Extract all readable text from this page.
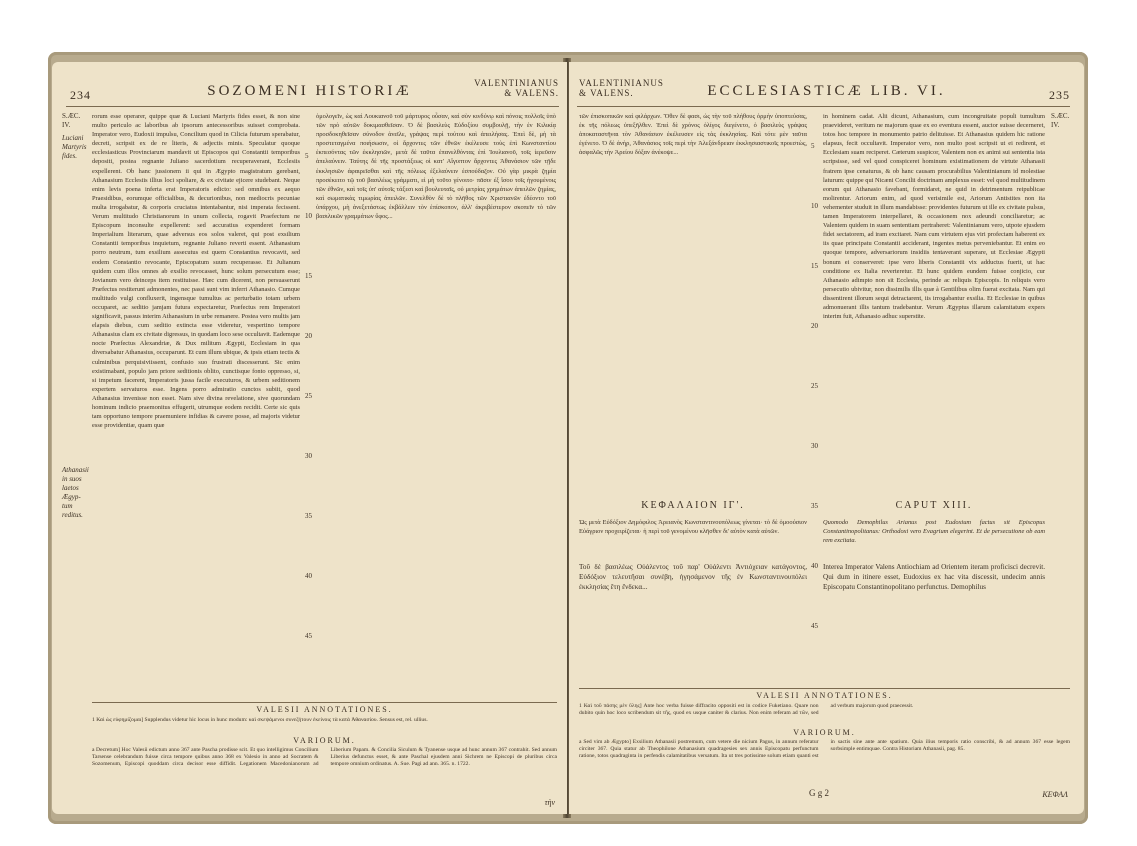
234	SOZOMENI HISTORIÆ	VALENTINIANUS
& VALENS.
S.ÆC.
IV.
Luciani
Martyris
fides.
Athanasii
in suos
laetos
Ægyp-
tum
reditus.
rorum esse operarer, quippe quæ & Luciani Martyris fides esset, & non sine multo periculo ac laboribus ab ipsorum antecessoribus suisset comprobata. Imperator vero, Eudoxii impulsu, Concilium quod in Cilicia futurum sperabatur, decreti, scripsit ex de re literis, & adjectis minis. Speculatur quoque ecclesiasticus Provinciarum mandavit ut Episcopos qui Constantii temporibus depositi, postea regnante Juliano sacerdotium recuperaverant, Ecclesiis expellerent. Ob hanc jussionem ii qui in Ægypto magistratum gerebant, Athanasium Ecclesiis illius loci spoliare, & ex civitate ejicere studebant. Neque enim levis poena inferta erat Imperatoris edicto: sed omnibus ex aequo Praesidibus, eorumque officialibus, & decurionibus, non mediocris pecuniae multa irrogabatur, & corporis cruciatus intentabantur, nisi imperata fecissent. Verum multitudo Christianorum in unum collecta, rogavit Praefectum ne Episcopum inconsulte expellerent: sed accuratius expenderet formam Imperialium literarum, quae adversus eos solos valeret, qui post exsilium Constantii temporibus inquietum, regnante Juliano reverti essent. Athanasium porro neutrum, tum exsilium assecutus est quem Constantius revocavit, sed eodem Constantio revocante, Episcopatum suum recuperasse. Et Julianum quidem cum illos omnes ab exsilio revocasset, hunc solum persecutum esse; Jovianum vero deinceps item restituisse. Hæc cum dicerent, non persuaserunt Præfectus restiterunt admonentes, nec passi sunt vim inferri Athanasio. Cumque multitudo vulgi confluxerit, ingensque tumultus ac perturbatio totam urbem occuparet, ac seditio jamjam futura expectaretur, Præfectus rem Imperatori significavit, passus interim Athanasium in urbe remanere. Postea vero multis jam elapsis diebus, cum seditio extincta esse videretur, vespertino tempore Athanasius clam ex civitate digressus, in quodam loco sese occultavit. Eademque nocte Præfectus Alexandriæ, & Dux militum Ægypti, Ecclesiam in qua diversabatur Athanasius, occuparunt. Et cum illum ubique, & ipsis etiam tectis & culminibus perquisiviissent, confusio suo frustrati discesserunt. Sic enim existimabant, populo jam priore seditionis oblito, cunctisque fonto oppresso, si, si impetum facerent, Imperatoris jussa facile executuros, & urbem seditionem expertem servaturos esse. Ingens porro admiratio cunctos subiit, quod Athanasius invenisse non esset. Nam sive divina revelatione, sive quorundam hominum indicio praemonitus effugerit, utrumque eodem recidit. Certe sic quis tam opportuno tempore praemuniere infidias & cavere posse, ad majoris videtur esse providentiæ, quam quæ
5
10
15
20
25
30
35
40
45
ὁμολογεῖν, ὡς καὶ Λουκιανοῦ τοῦ μάρτυρος οὖσαν, καὶ σὺν κινδύνῳ καὶ πόνοις πολλοῖς ὑπὸ τῶν πρὸ αὐτῶν δοκιμασθεῖσαν. Ὁ δὲ βασιλεὺς Εὐδοξίου συμβουλῇ, τὴν ἐν Κιλικίᾳ προσδοκηθεῖσαν σύνοδον ἀνεῖλε, γράψας περὶ τούτου καὶ ἀπειλήσας. Ἐπεὶ δὲ, μὴ τὰ προστεταγμένα ποιήσωσιν, οἱ ἄρχοντες τῶν ἐθνῶν ἐκέλευσε τοὺς ἐπὶ Κωνσταντίου ἐκπεσόντας τῶν ἐκκλησιῶν, μετὰ δὲ ταῦτα ἐπανελθόντας ἐπὶ Ἰουλιανοῦ, τοῖς ἱερεῦσιν ἀπελαύνειν. Ταύτης δὲ τῆς προστάξεως οἱ κατ' Αἴγυπτον ἄρχοντες Ἀθανάσιον τῶν τῇδε ἐκκλησιῶν ἀφαιρεῖσθαι καὶ τῆς πόλεως ἐξελαύνειν ἐσπούδαζον. Οὐ γὰρ μικρὰ ζημία προσέκειτο τῷ τοῦ βασιλέως γράμματι, εἰ μὴ τοῦτο γένοιτο· πᾶσιν ἐξ ἴσου τοῖς ἡγουμένοις τῶν ἐθνῶν, καὶ τοῖς ὑπ' αὐτοῖς τάξεσι καὶ βουλευταῖς, οὐ μετρίας χρημάτων ἀπειλῶν ζημίας, καὶ σωματικὰς τιμωρίας ἀπειλῶν. Συνελθὸν δὲ τὸ πλῆθος τῶν Χριστιανῶν ἐδέοντο τοῦ ὑπάρχου, μὴ ἀνεξετάστως ἐκβάλλειν τὸν ἐπίσκοπον, ἀλλ' ἀκριβέστερον σκοπεῖν τὸ τῶν βασιλικῶν γραμμάτων ὕφος...
VALESII ANNOTATIONES.
1 Καὶ ὡς εὐφημίζομαι] Supplendus videtur hic locus in hunc modum: καὶ σκεψάμενοι συνεζήτουν ἐκείνοις τὰ κατὰ Ἀθανασίου. Sensus est, rel. ullius.
VARIORUM.
a Decretum] Hoc Valesii edictum anno 367 ante Pascha prodisse scit. Et quo intelligimus Concilium Tarsense celebrandum fuisse circa tempore quibus anno 368 ex Valesio in anno ad Socratem & Sozomenum, Episcopi quoddam circa decisor esse diffidit. Legationem Macedonianorum ad Liberium Papam. & Concilia Siculum & Tyanense usque ad hunc annum 367 contrahit. Sed annum Liberius defunctus esset, & ante Paschal ejusdem anni Sichrem ne Episcopi de pluribus circa tempore omnium ordinatus. A. Sue. Pagi ad ann. 365. n. 1722.
τὴν
VALENTINIANUS
& VALENS.	ECCLESIASTICÆ LIB. VI.	235
τῶν ἐπισκοπικῶν καὶ φιλάρχων. Ὅθεν δὲ φασι, ὡς τὴν τοῦ πλήθους ὁρμὴν ὑποπτεύσας, ἐκ τῆς πόλεως ὑπεξῆλθεν. Ἐπεὶ δὲ χρόνος ὀλίγος διεγένετο, ὁ βασιλεὺς γράψας ἀποκαταστῆναι τὸν Ἀθανάσιον ἐκέλευσεν εἰς τὰς ἐκκλησίας. Καὶ τότε μὲν ταῦτα ἐγένετο. Ὁ δὲ ἀνὴρ, Ἀθανάσιος τοῖς περὶ τὴν Ἀλεξάνδρειαν ἐκκλησιαστικοῖς προεστὼς, ἀσφαλῶς τὴν Ἀρείου δόξαν ἀνέκοψε...
5
10
15
20
25
30
in hominem cadat. Alii dicunt, Athanasium, cum incongruitate populi tumultum praevideret, veritum ne majorum quae ex eo eventura essent, auctor suisse decerneret, totos hoc tempore in monumento patrio delituisse. Et Athanasius quidem hic ratione elapsus, fecit occultavit. Imperator vero, non multo post scripsit ut ei redirent, et Ecclesiam suam reciperet. Cæterum suspicor, Valentem non ex animi sui sententia ista scripsisse, sed vel quod conspiceret hominum existimationem de virtute Athanasii fratrem ipse cenaturus, & ob hanc causam procurabilius Valentinianum id molestiae laturum: quippe qui Nicæni Concilii doctrinam amplexus esset: vel quod multitudinem eorum qui Athanasio favebant, formidaret, ne quid in detrimentum reipublicae molirentur. Ariorum enim, ad quod verisimile est, Ariorum Antistites non ita vehementer studuit in illum mandabisse: providentes futurum ut ille ex civitate pulsus, tamen Imperatorem interpellaret, & occasionem nox adeundi conciliaretur; ac Valentem quidem in suam sententiam pertraheret: Valentinianum vero, utpote ejusdem fidei sectatorem, ad iram excitaret. Nam cum virtutem ejus viri profectam haberent ex iis quae principatu Constantii acciderant, ingentes metus perveniebantur. Et enim eo quoque tempore, adversariorum insidiis tentaverant superare, ut Ecclesiae Ægypti bonum ei conserveret: ipse vero liberis Constantii vix adductus fuerit, ut hac conditione ex Italia reverteretur. Et hunc quidem eundem fuisse conjicio, cur Athanasio adimpto non sit Ecclesia, perinde ac reliquis Episcopis. In reliquis vero persecutio ubivitur, non dissimilis illis quæ à Gentilibus olim fuerat excitata. Nam qui dissentirent illorum sequi detractarent, iis irrogabantur exsilia. Et Ecclesiae in quibus admonuerant illis tantum tradebantur. Verum Ægyptus illarum calamitatum expers interim fuit, Athanasio adhuc superstite.
S.ÆC.
IV.
ΚΕΦΑΛΑΙΟΝ ΙΓ'.	CAPUT XIII.
Ὡς μετὰ Εὐδόξιον Δημόφιλος Ἀρειανὸς Κωνσταντινουπόλεως γίνεται· τὸ δὲ ὁμοούσιον Εὐάγριον προχειρίζεται· ἡ περὶ τοῦ γενομένου κλῆσθεν δι' αὐτὸν κατὰ αὐτῶν.
Quomodo Demophilus Arianus post Eudoxium factus sit Episcopus Constantinopolitanus: Orthodoxi vero Evagrium elegerint. Et de persecutione ob eam rem excitata.
Τοῦ δὲ βασιλέως Οὐάλεντος τοῦ παρ' Οὐάλεντι Ἀντιόχειαν κατάγοντος, Εὐδόξιον τελευτῆσαι συνέβη, ἡγησάμενον τῆς ἐν Κωνσταντινουπόλει ἐκκλησίας ἔτη ἕνδεκα...
35
40
45
Interea Imperator Valens Antiochiam ad Orientem iteram proficisci decrevit. Qui dum in itinere esset, Eudoxius ex hac vita discessit, undecim annis Episcopatu Constantinopolitano perfunctus. Demophilus
VALESII ANNOTATIONES.
1 Καὶ τοῦ πάσης μὲν ὕλης] Ante hoc verba fuisse diffracito oppositi est in codice Fuketiano. Quare non dubito quin hoc loco scribendum sit τῆς, quod ex usque caniter & clarius. Non enim referam ad τῶν, sed ad verbum majorum quod praecessit.
VARIORUM.
a Sed vim ab Ægypto] Exsilium Athanasii postremum, cum vetere die nicium Pagus, in annum referatur circiter 367. Quia statur ab Theophilone Athanasium quadragesies sex annis Episcopatu perfunctum ratione, totos quadraginta in perfendis calamitatibus versatum. Ita ut tres potissime solum etiam quanti est in sactis sine ante ante spatium. Quia ilius temporis ratio conscribi, & ad annum 367 esse legem sorbsimple entimquae. Contra Historiam Athanasii, pag. 85.
G g 2	ΚΕΦΑΛ
